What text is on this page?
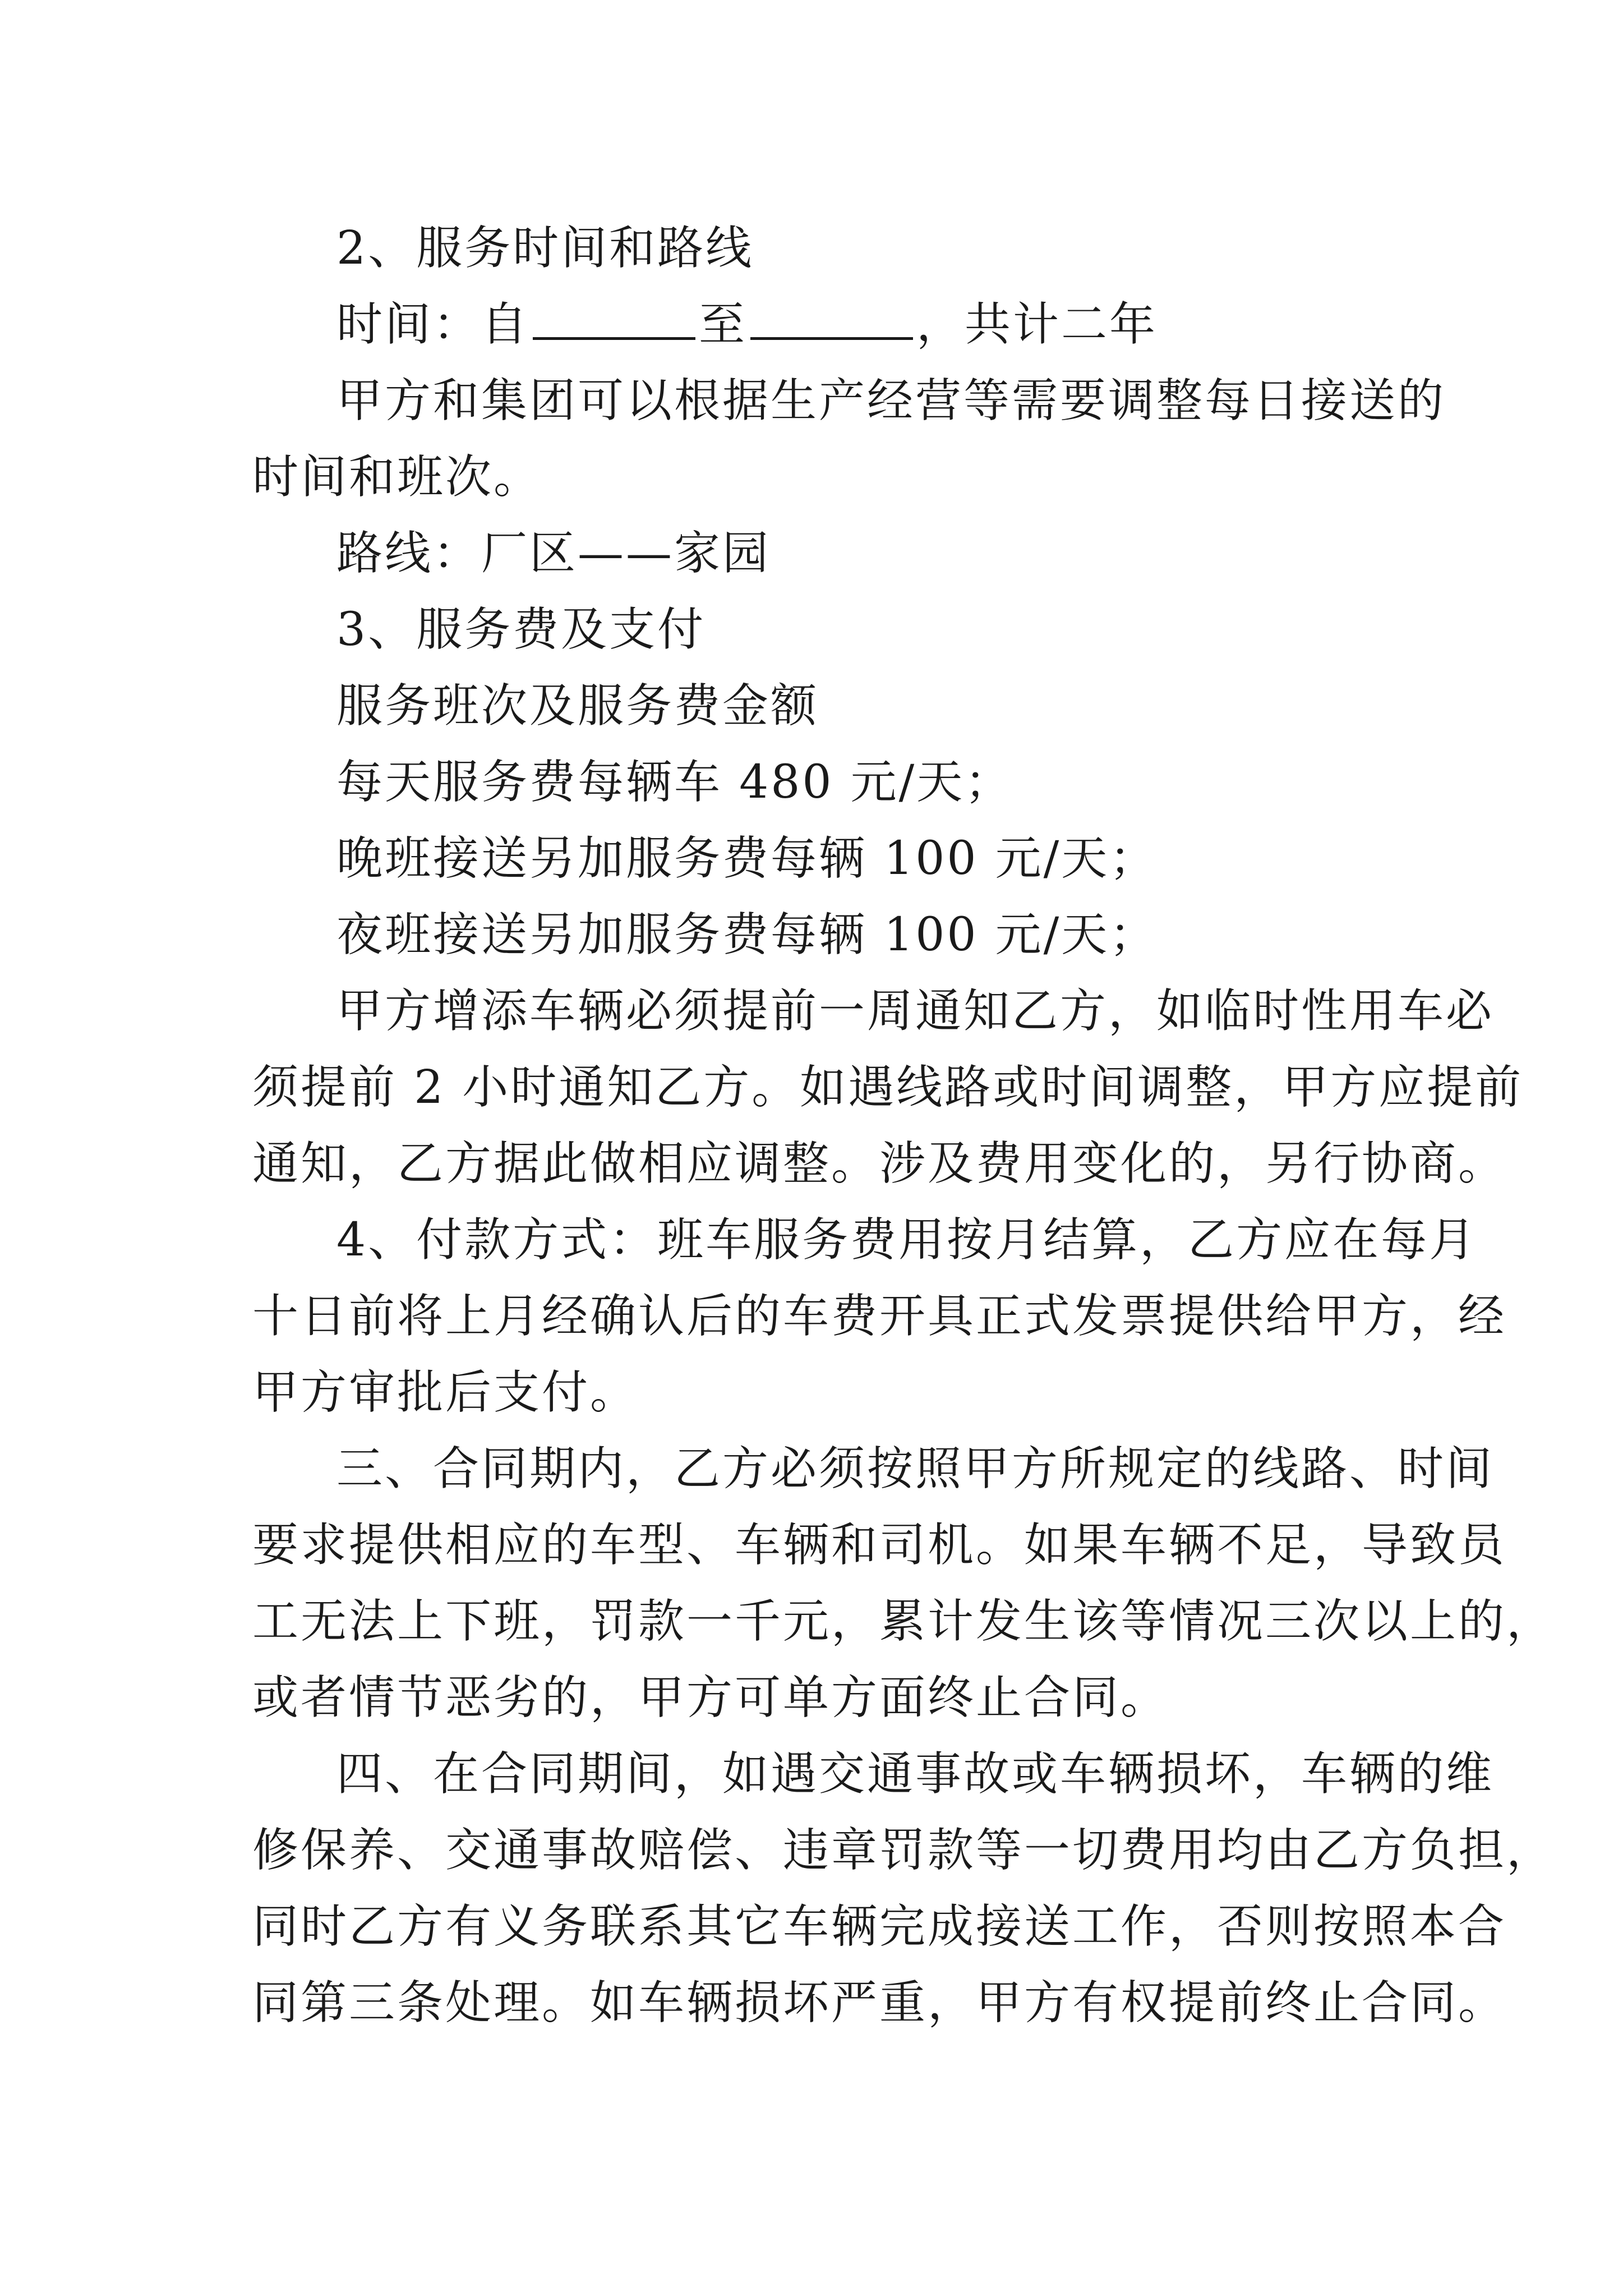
2、服务时间和路线
时间：自	至	，共计二年
甲方和集团可以根据生产经营等需要调整每日接送的
时间和班次。
路线：厂区——家园
3、服务费及支付
服务班次及服务费金额
每天服务费每辆车 480 元/天；
晚班接送另加服务费每辆 100 元/天；
夜班接送另加服务费每辆 100 元/天；
甲方增添车辆必须提前一周通知乙方，如临时性用车必
须提前 2 小时通知乙方。如遇线路或时间调整，甲方应提前
通知，乙方据此做相应调整。涉及费用变化的，另行协商。
4、付款方式：班车服务费用按月结算，乙方应在每月
十日前将上月经确认后的车费开具正式发票提供给甲方，经
甲方审批后支付。
三、合同期内，乙方必须按照甲方所规定的线路、时间
要求提供相应的车型、车辆和司机。如果车辆不足，导致员
工无法上下班，罚款一千元，累计发生该等情况三次以上的，
或者情节恶劣的，甲方可单方面终止合同。
四、在合同期间，如遇交通事故或车辆损坏，车辆的维
修保养、交通事故赔偿、违章罚款等一切费用均由乙方负担，
同时乙方有义务联系其它车辆完成接送工作，否则按照本合
同第三条处理。如车辆损坏严重，甲方有权提前终止合同。
